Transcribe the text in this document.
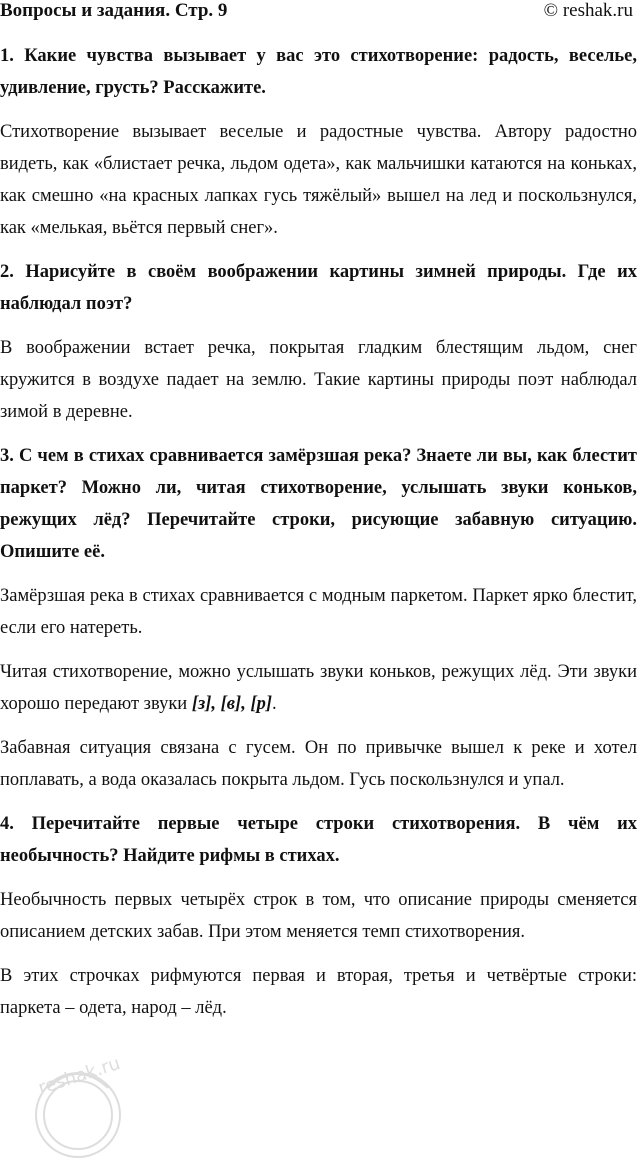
Вопросы и задания. Стр. 9	© reshak.ru

1. Какие чувства вызывает у вас это стихотворение: радость, веселье, удивление, грусть? Расскажите.

Стихотворение вызывает веселые и радостные чувства. Автору радостно видеть, как «блистает речка, льдом одета», как мальчишки катаются на коньках, как смешно «на красных лапках гусь тяжёлый» вышел на лед и поскользнулся, как «мелькая, вьётся первый снег».

2. Нарисуйте в своём воображении картины зимней природы. Где их наблюдал поэт?

В воображении встает речка, покрытая гладким блестящим льдом, снег кружится в воздухе падает на землю. Такие картины природы поэт наблюдал зимой в деревне.

3. С чем в стихах сравнивается замёрзшая река? Знаете ли вы, как блестит паркет? Можно ли, читая стихотворение, услышать звуки коньков, режущих лёд? Перечитайте строки, рисующие забавную ситуацию. Опишите её.

Замёрзшая река в стихах сравнивается с модным паркетом. Паркет ярко блестит, если его натереть.

Читая стихотворение, можно услышать звуки коньков, режущих лёд. Эти звуки хорошо передают звуки [з], [в], [р].

Забавная ситуация связана с гусем. Он по привычке вышел к реке и хотел поплавать, а вода оказалась покрыта льдом. Гусь поскользнулся и упал.

4. Перечитайте первые четыре строки стихотворения. В чём их необычность? Найдите рифмы в стихах.

Необычность первых четырёх строк в том, что описание природы сменяется описанием детских забав. При этом меняется темп стихотворения.

В этих строчках рифмуются первая и вторая, третья и четвёртые строки: паркета – одета, народ – лёд.

reshak.ru
